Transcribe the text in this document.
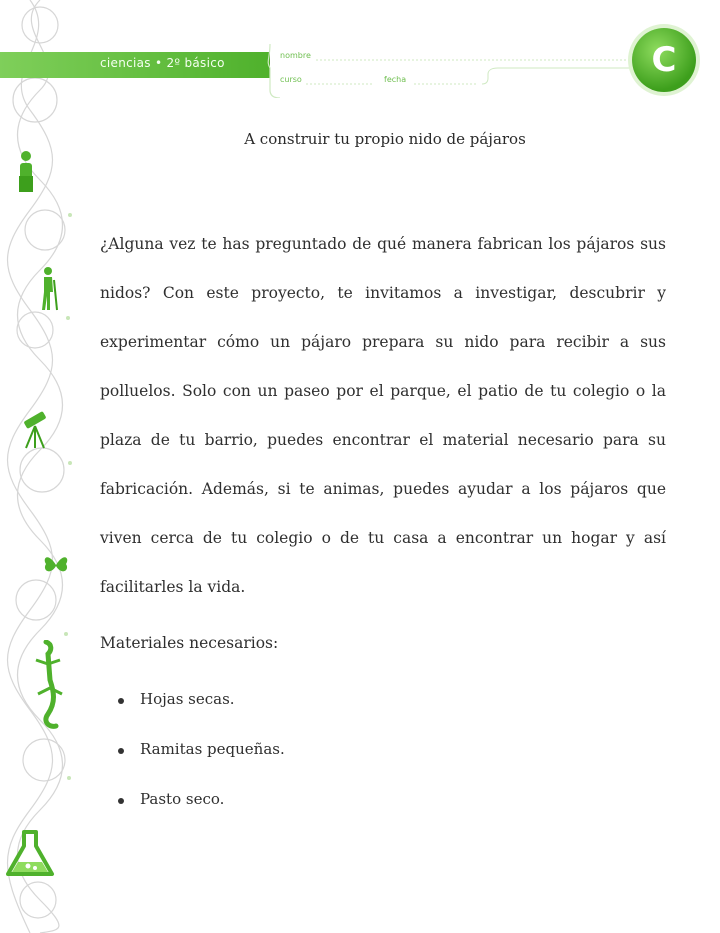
ciencias • 2º básico
nombre
curso	fecha	C
A construir tu propio nido de pájaros
¿Alguna vez te has preguntado de qué manera fabrican los pájaros sus nidos? Con este proyecto, te invitamos a investigar, descubrir y experimentar cómo un pájaro prepara su nido para recibir a sus polluelos. Solo con un paseo por el parque, el patio de tu colegio o la plaza de tu barrio, puedes encontrar el material necesario para su fabricación. Además, si te animas, puedes ayudar a los pájaros que viven cerca de tu colegio o de tu casa a encontrar un hogar y así facilitarles la vida.
Materiales necesarios:
Hojas secas.
Ramitas pequeñas.
Pasto seco.
